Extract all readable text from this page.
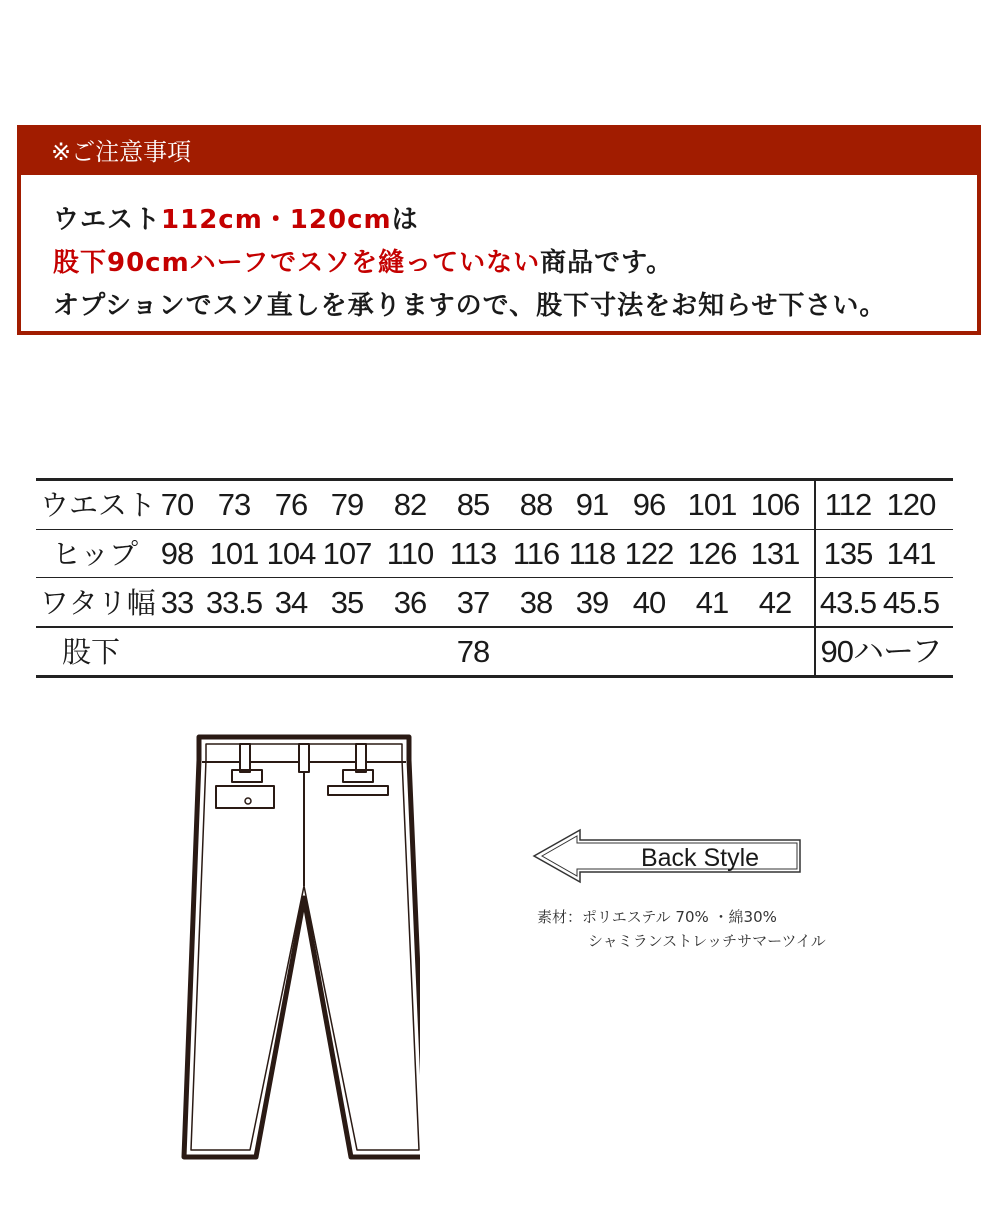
※ご注意事項
ウエスト112cm・120cmは
股下90cmハーフでスソを縫っていない商品です。
オプションでスソ直しを承りますので、股下寸法をお知らせ下さい。
ウエスト
ヒップ
ワタリ幅
股下	78	90ハーフ
70 73 76 79 82 85 88 91 96 101 106 112 120
98 101 104 107 110 113 116 118 122 126 131 135 141
33 33.5 34 35 36 37 38 39 40 41 42 43.5 45.5
Back Style
素材：ポリエステル 70% ・綿30%
シャミランストレッチサマーツイル
